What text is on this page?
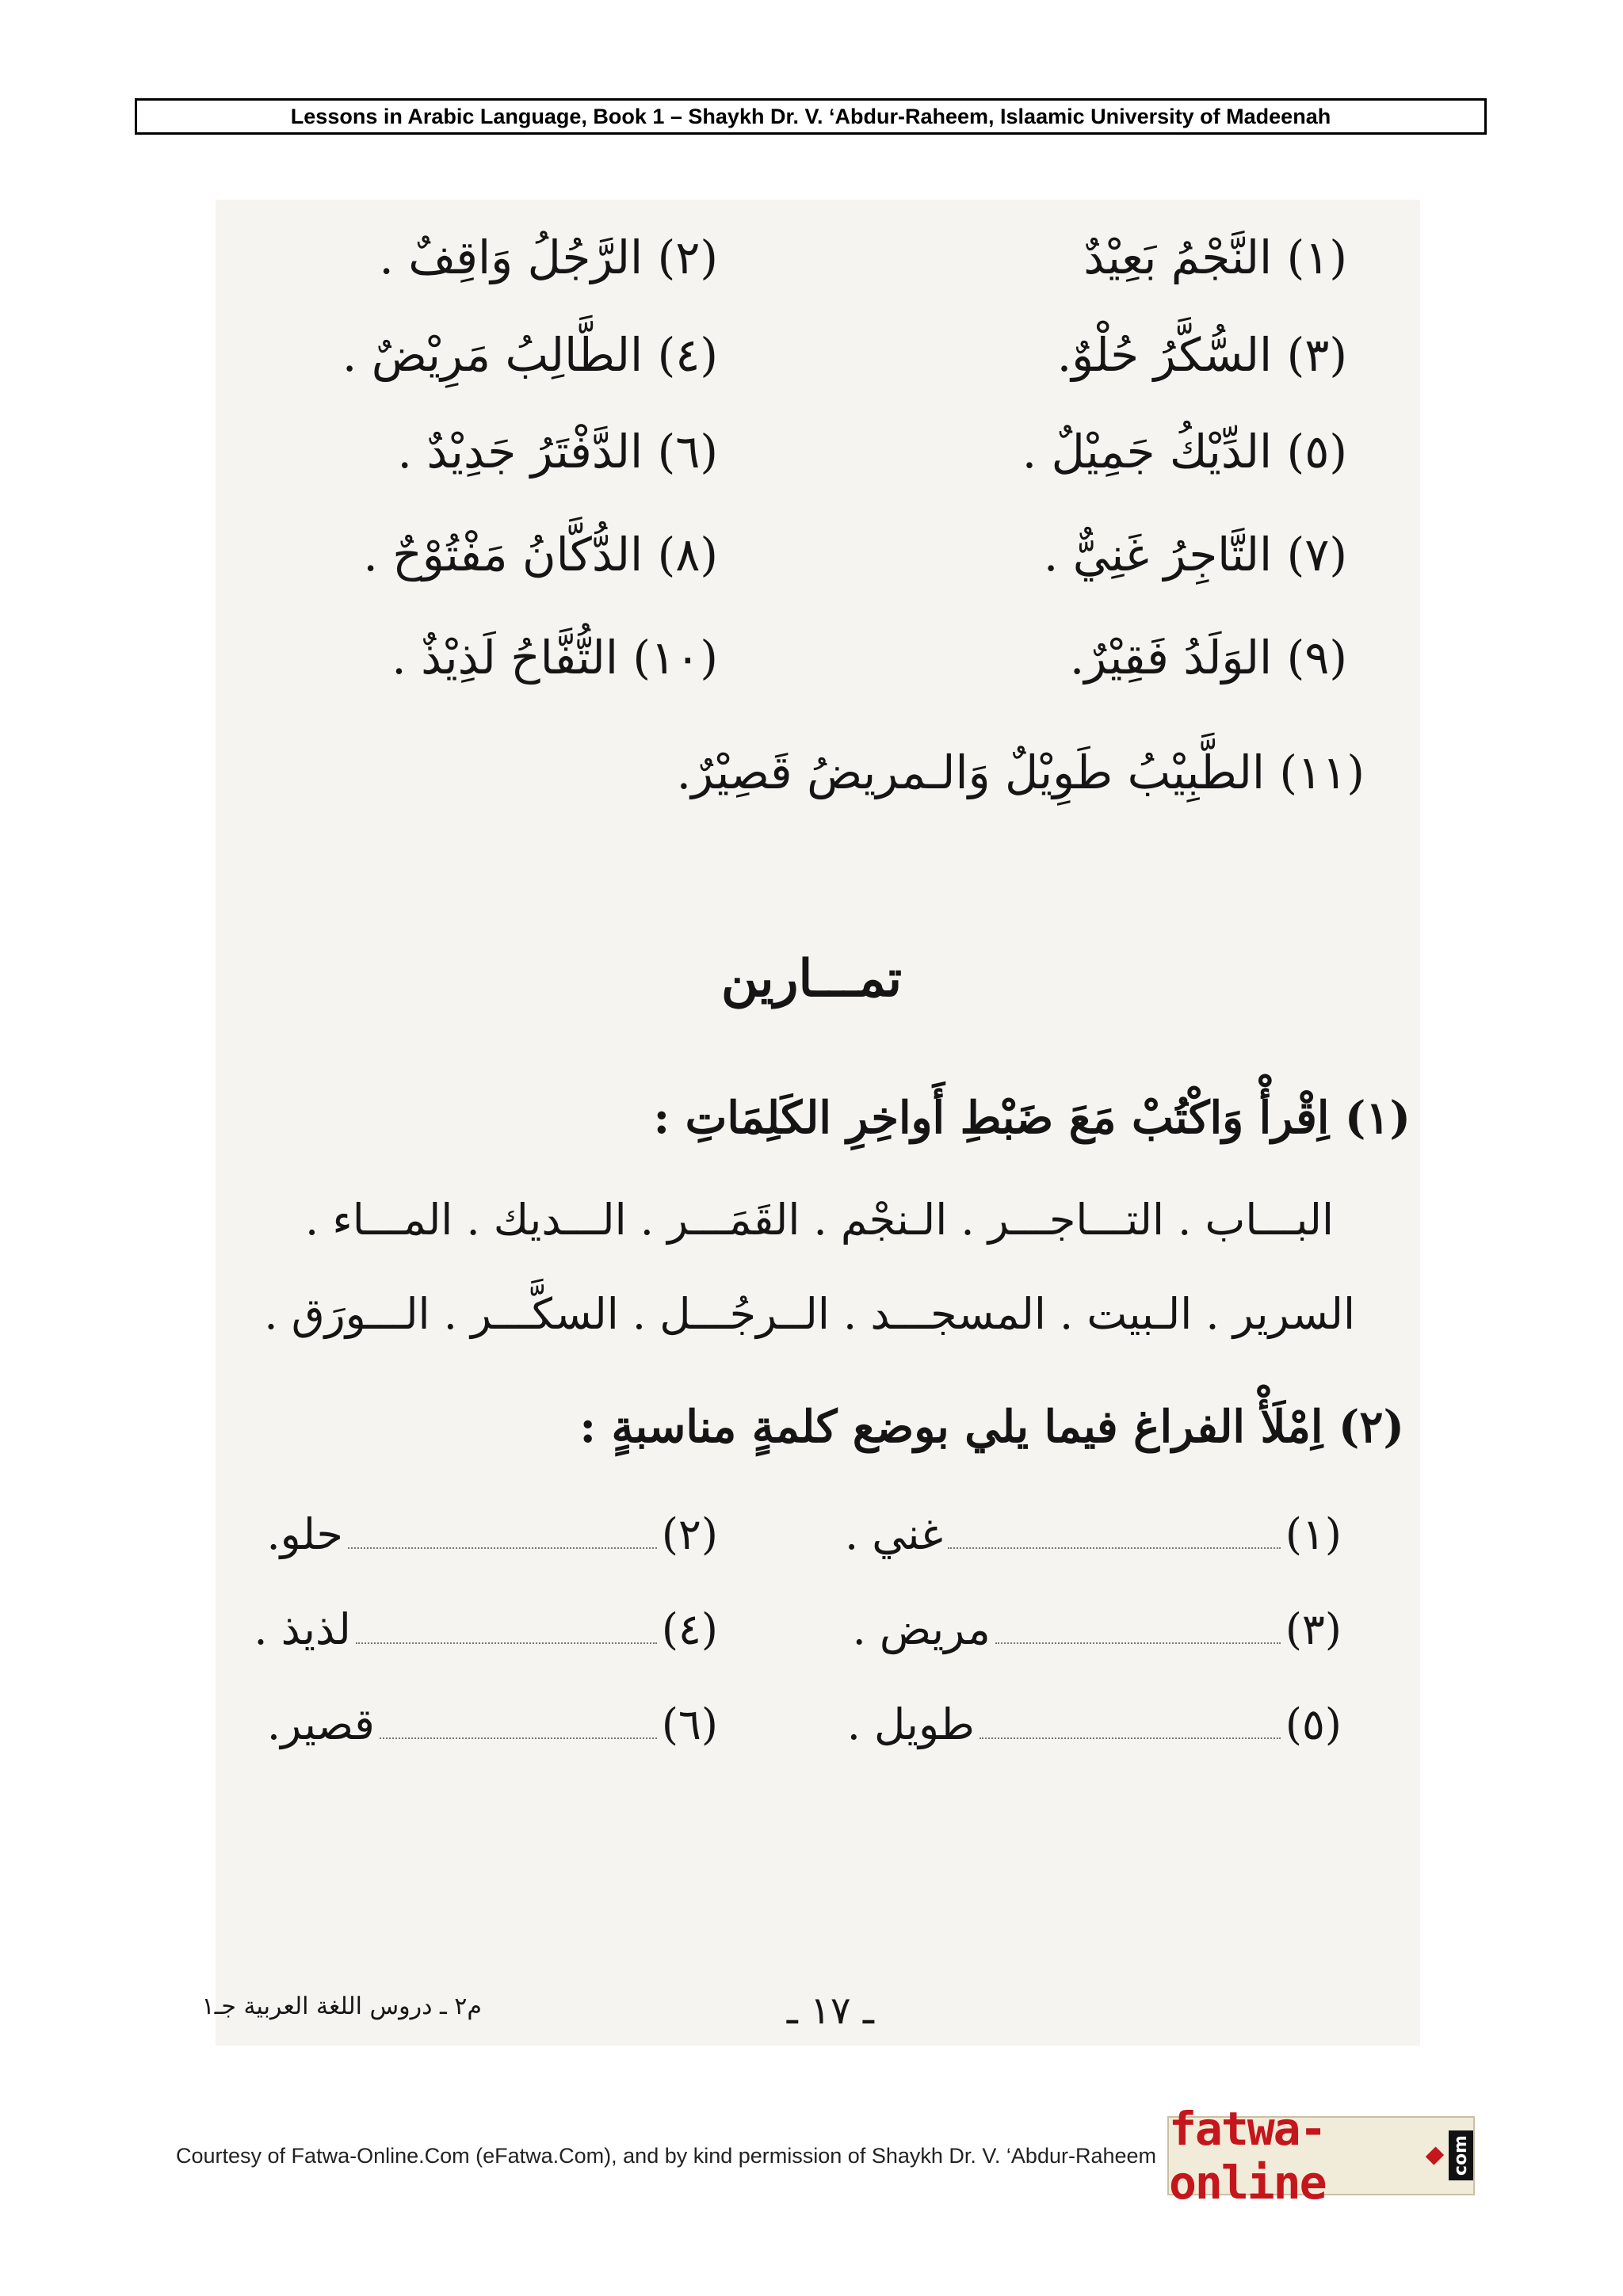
Lessons in Arabic Language, Book 1 – Shaykh Dr. V. ‘Abdur-Raheem, Islaamic University of Madeenah
(١) النَّجْمُ بَعِيْدٌ
(٣) السُّكَّرُ حُلْوٌ.
(٥) الدِّيْكُ جَمِيْلٌ .
(٧) التَّاجِرُ غَنِيٌّ .
(٩) الوَلَدُ فَقِيْرٌ.
(٢) الرَّجُلُ وَاقِفٌ .
(٤) الطَّالِبُ مَرِيْضٌ .
(٦) الدَّفْتَرُ جَدِيْدٌ .
(٨) الدُّكَّانُ مَفْتُوْحٌ .
(١٠) التُّفَّاحُ لَذِيْذٌ .
(١١) الطَّبِيْبُ طَوِيْلٌ وَالـمريضُ قَصِيْرٌ.
تمـــارين
(١) اِقْرأْ وَاكْتُبْ مَعَ ضَبْطِ أَواخِرِ الكَلِمَاتِ :
البـــاب . التـــاجـــر . الـنجْم . القَمَـــر . الـــديك . المـــاء .
السرير . الـبيت . المسجـــد . الــرجُـــل . السكَّـــر . الـــورَق .
(٢) اِمْلَأْ الفراغ فيما يلي بوضع كلمةٍ مناسبةٍ :
(١)
غني .
(٢)
حلو.
(٣)
مريض .
(٤)
لذيذ .
(٥)
طويل .
(٦)
قصير.
م٢ ـ دروس اللغة العربية جـ١	ـ ١٧ ـ
Courtesy of Fatwa-Online.Com (eFatwa.Com), and by kind permission of Shaykh Dr. V. ‘Abdur-Raheem fatwa-online	com
